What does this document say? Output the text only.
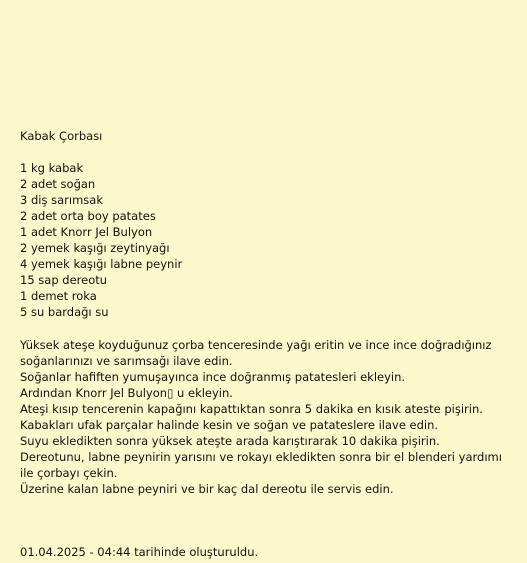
Kabak Çorbası
1 kg kabak
2 adet soğan
3 diş sarımsak
2 adet orta boy patates
1 adet Knorr Jel Bulyon
2 yemek kaşığı zeytinyağı
4 yemek kaşığı labne peynir
15 sap dereotu
1 demet roka
5 su bardağı su
Yüksek ateşe koyduğunuz çorba tenceresinde yağı eritin ve ince ince doğradığınız soğanlarınızı ve sarımsağı ilave edin.
Soğanlar hafiften yumuşayınca ince doğranmış patatesleri ekleyin.
Ardından Knorr Jel Bulyon▯ u ekleyin.
Ateşi kısıp tencerenin kapağını kapattıktan sonra 5 dakika en kısık ateste pişirin.
Kabakları ufak parçalar halinde kesin ve soğan ve patateslere ilave edin.
Suyu ekledikten sonra yüksek ateşte arada karıştırarak 10 dakika pişirin.
Dereotunu, labne peynirin yarısını ve rokayı ekledikten sonra bir el blenderi yardımı ile çorbayı çekin.
Üzerine kalan labne peyniri ve bir kaç dal dereotu ile servis edin.
01.04.2025 - 04:44 tarihinde oluşturuldu.
